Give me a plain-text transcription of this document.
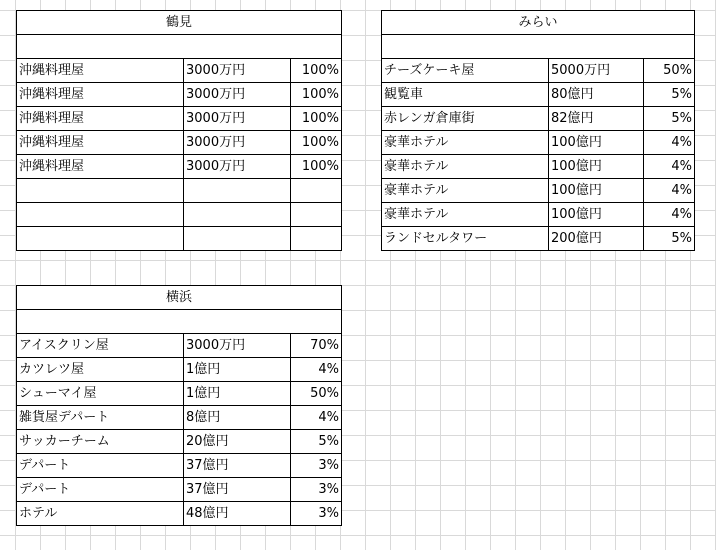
鶴見		

沖縄料理屋	3000万円	100%
沖縄料理屋	3000万円	100%
沖縄料理屋	3000万円	100%
沖縄料理屋	3000万円	100%
沖縄料理屋	3000万円	100%

みらい		

チーズケーキ屋	5000万円	50%
観覧車	80億円	5%
赤レンガ倉庫街	82億円	5%
豪華ホテル	100億円	4%
豪華ホテル	100億円	4%
豪華ホテル	100億円	4%
豪華ホテル	100億円	4%
ランドセルタワー	200億円	5%
横浜		

アイスクリン屋	3000万円	70%
カツレツ屋	1億円	4%
シューマイ屋	1億円	50%
雑貨屋デパート	8億円	4%
サッカーチーム	20億円	5%
デパート	37億円	3%
デパート	37億円	3%
ホテル	48億円	3%
